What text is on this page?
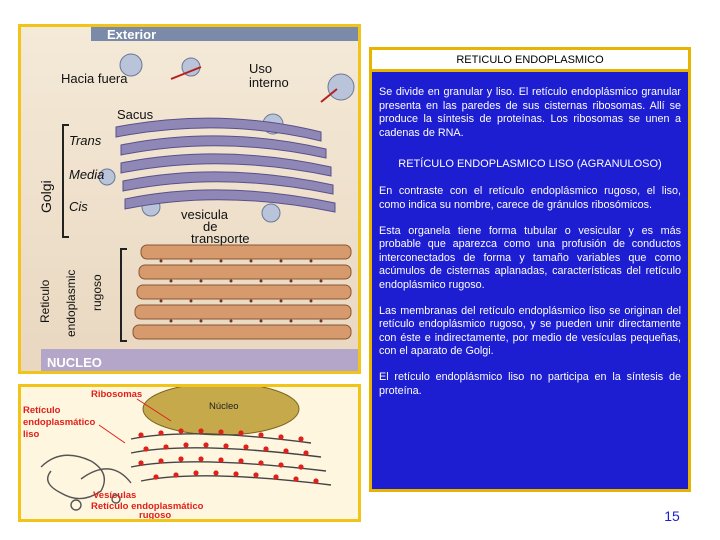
Exterior
Hacia fuera
Uso
interno
Sacus
Trans
Media
Cis
Golgi
vesicula
de
transporte
Reticulo endoplasmic rugoso
NUCLEO
Ribosomas
Núcleo
Retículo
endoplasmático
liso
Vesículas
Retículo endoplasmático
rugoso
RETICULO ENDOPLASMICO

Se divide en granular y liso. El retículo endoplásmico granular presenta en las paredes de sus cisternas ribosomas. Allí se produce la síntesis de proteínas. Los ribosomas se unen a cadenas de RNA.

RETÍCULO ENDOPLASMICO LISO (AGRANULOSO)

En contraste con el retículo endoplásmico rugoso, el liso, como indica su nombre, carece de gránulos ribosómicos.

Esta organela tiene forma tubular o vesicular y es más probable que aparezca como una profusión de conductos interconectados de forma y tamaño variables que como acúmulos de cisternas aplanadas, características del retículo endoplásmico rugoso.

Las membranas del retículo endoplásmico liso se originan del retículo endoplásmico rugoso, y se pueden unir directamente con éste e indirectamente, por medio de vesículas pequeñas, con el aparato de Golgi.

El retículo endoplásmico liso no participa en la síntesis de proteína.

15
